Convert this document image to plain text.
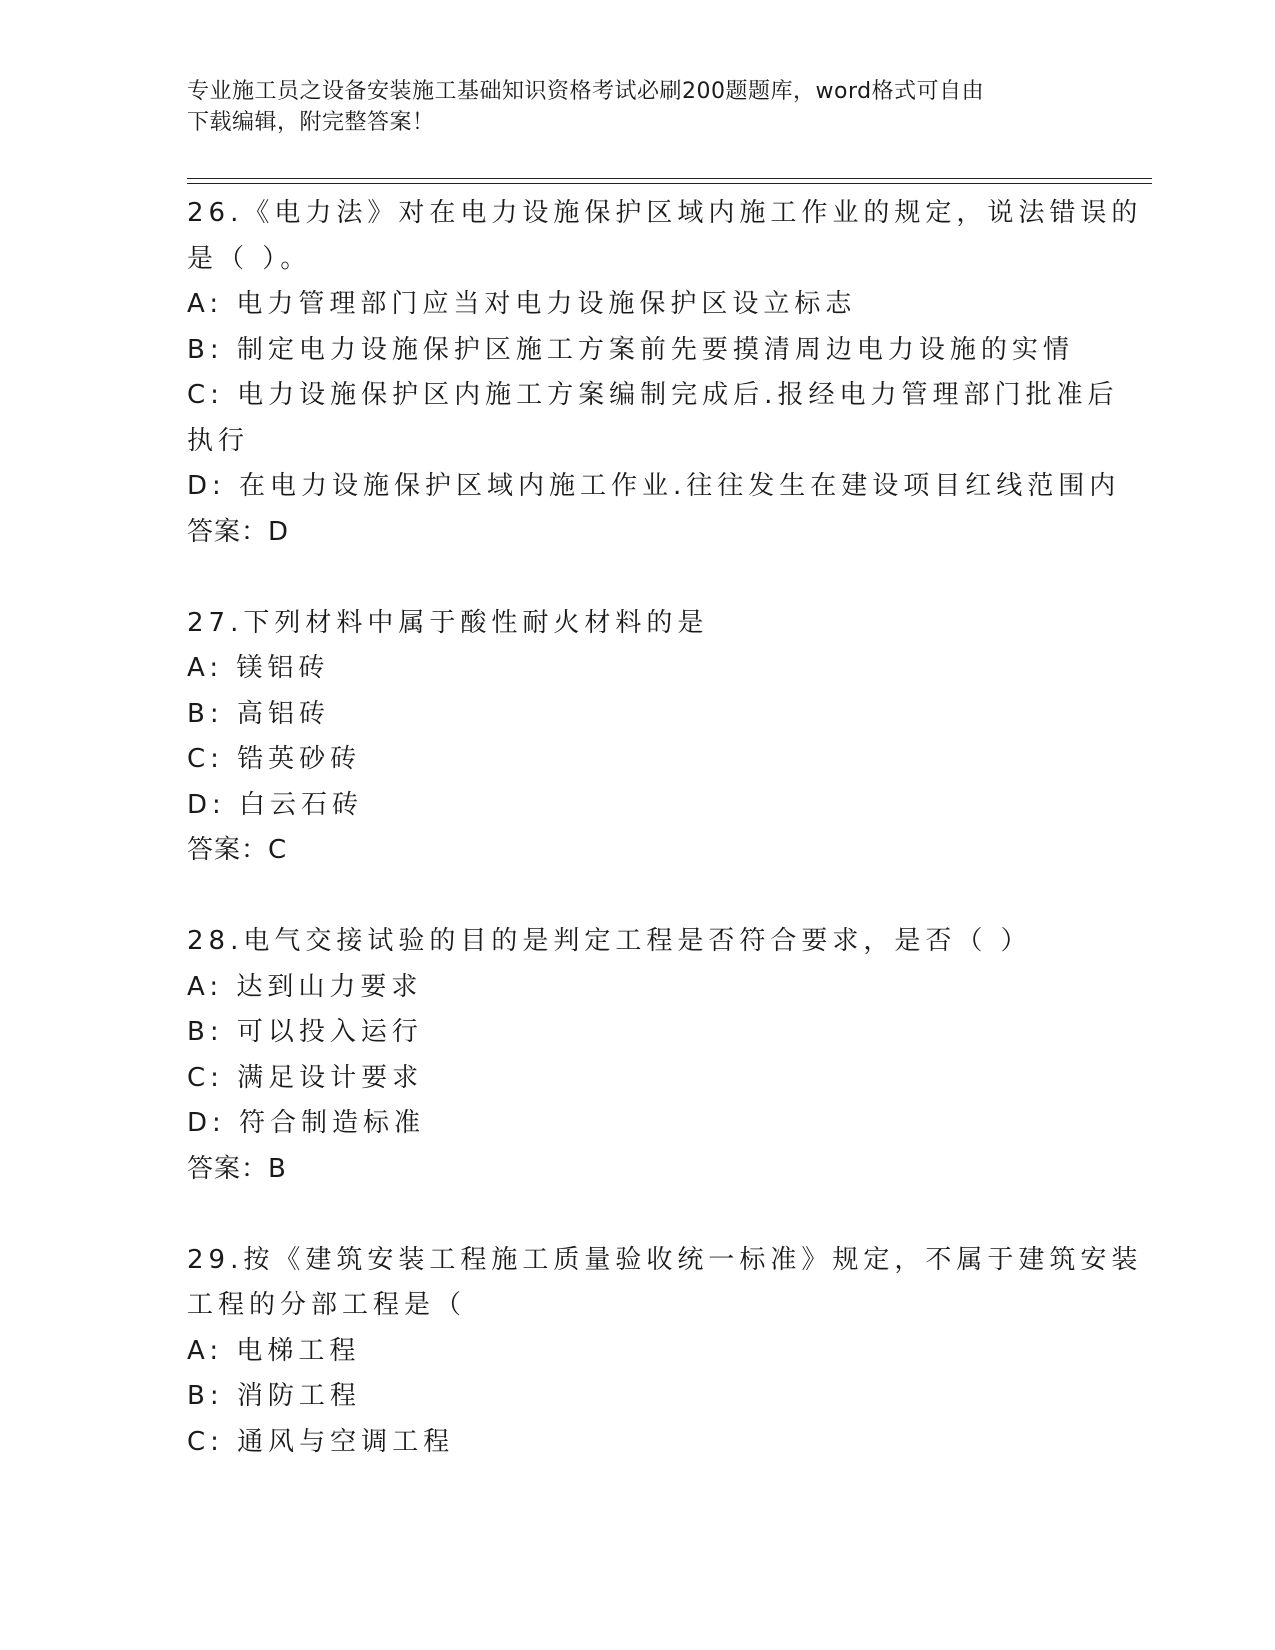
专业施工员之设备安装施工基础知识资格考试必刷200题题库，word格式可自由
下载编辑，附完整答案！
26.《电力法》对在电力设施保护区域内施工作业的规定，说法错误的
是（ ）。
A: 电力管理部门应当对电力设施保护区设立标志
B: 制定电力设施保护区施工方案前先要摸清周边电力设施的实情
C: 电力设施保护区内施工方案编制完成后.报经电力管理部门批准后
执行
D: 在电力设施保护区域内施工作业.往往发生在建设项目红线范围内
答案：D
27.下列材料中属于酸性耐火材料的是
A: 镁铝砖
B: 高铝砖
C: 锆英砂砖
D: 白云石砖
答案：C
28.电气交接试验的目的是判定工程是否符合要求，是否（ ）
A: 达到山力要求
B: 可以投入运行
C: 满足设计要求
D: 符合制造标准
答案：B
29.按《建筑安装工程施工质量验收统一标准》规定，不属于建筑安装
工程的分部工程是（
A: 电梯工程
B: 消防工程
C: 通风与空调工程
